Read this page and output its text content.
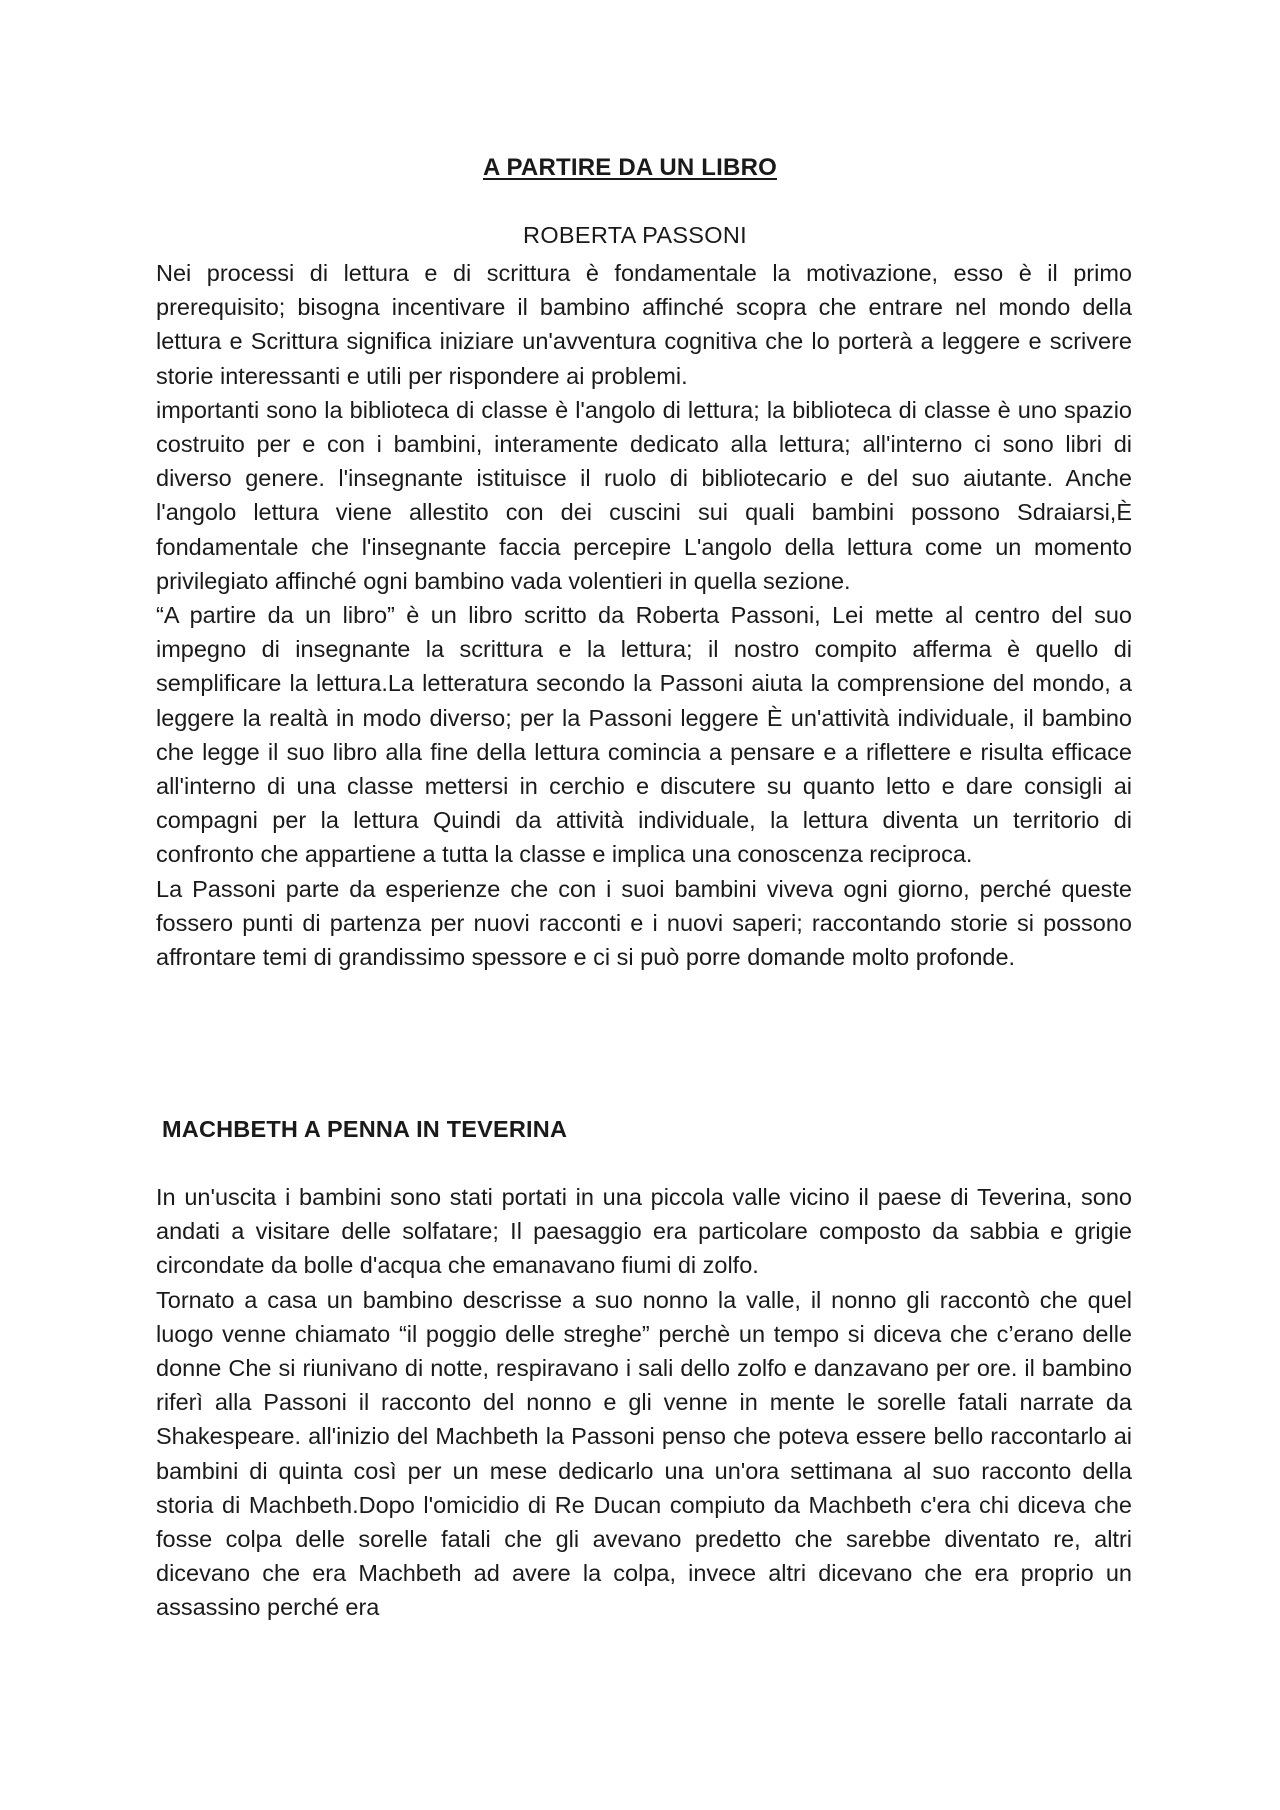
A PARTIRE DA UN LIBRO
ROBERTA PASSONI

Nei processi di lettura e di scrittura è fondamentale la motivazione, esso è il primo prerequisito; bisogna incentivare il bambino affinché scopra che entrare nel mondo della lettura e Scrittura significa iniziare un'avventura cognitiva che lo porterà a leggere e scrivere storie interessanti e utili per rispondere ai problemi.

importanti sono la biblioteca di classe è l'angolo di lettura; la biblioteca di classe è uno spazio costruito per e con i bambini, interamente dedicato alla lettura; all'interno ci sono libri di diverso genere. l'insegnante istituisce il ruolo di bibliotecario e del suo aiutante. Anche l'angolo lettura viene allestito con dei cuscini sui quali bambini possono Sdraiarsi,È fondamentale che l'insegnante faccia percepire L'angolo della lettura come un momento privilegiato affinché ogni bambino vada volentieri in quella sezione.

“A partire da un libro” è un libro scritto da Roberta Passoni, Lei mette al centro del suo impegno di insegnante la scrittura e la lettura; il nostro compito afferma è quello di semplificare la lettura.La letteratura secondo la Passoni aiuta la comprensione del mondo, a leggere la realtà in modo diverso; per la Passoni leggere È un'attività individuale, il bambino che legge il suo libro alla fine della lettura comincia a pensare e a riflettere e risulta efficace all'interno di una classe mettersi in cerchio e discutere su quanto letto e dare consigli ai compagni per la lettura Quindi da attività individuale, la lettura diventa un territorio di confronto che appartiene a tutta la classe e implica una conoscenza reciproca.

La Passoni parte da esperienze che con i suoi bambini viveva ogni giorno, perché queste fossero punti di partenza per nuovi racconti e i nuovi saperi; raccontando storie si possono affrontare temi di grandissimo spessore e ci si può porre domande molto profonde.

MACHBETH A PENNA IN TEVERINA

In un'uscita i bambini sono stati portati in una piccola valle vicino il paese di Teverina, sono andati a visitare delle solfatare; Il paesaggio era particolare composto da sabbia e grigie circondate da bolle d'acqua che emanavano fiumi di zolfo.

Tornato a casa un bambino descrisse a suo nonno la valle, il nonno gli raccontò che quel luogo venne chiamato “il poggio delle streghe” perchè un tempo si diceva che c’erano delle donne Che si riunivano di notte, respiravano i sali dello zolfo e danzavano per ore. il bambino riferì alla Passoni il racconto del nonno e gli venne in mente le sorelle fatali narrate da Shakespeare. all'inizio del Machbeth la Passoni penso che poteva essere bello raccontarlo ai bambini di quinta così per un mese dedicarlo una un'ora settimana al suo racconto della storia di Machbeth.Dopo l'omicidio di Re Ducan compiuto da Machbeth c'era chi diceva che fosse colpa delle sorelle fatali che gli avevano predetto che sarebbe diventato re, altri dicevano che era Machbeth ad avere la colpa, invece altri dicevano che era proprio un assassino perché era
